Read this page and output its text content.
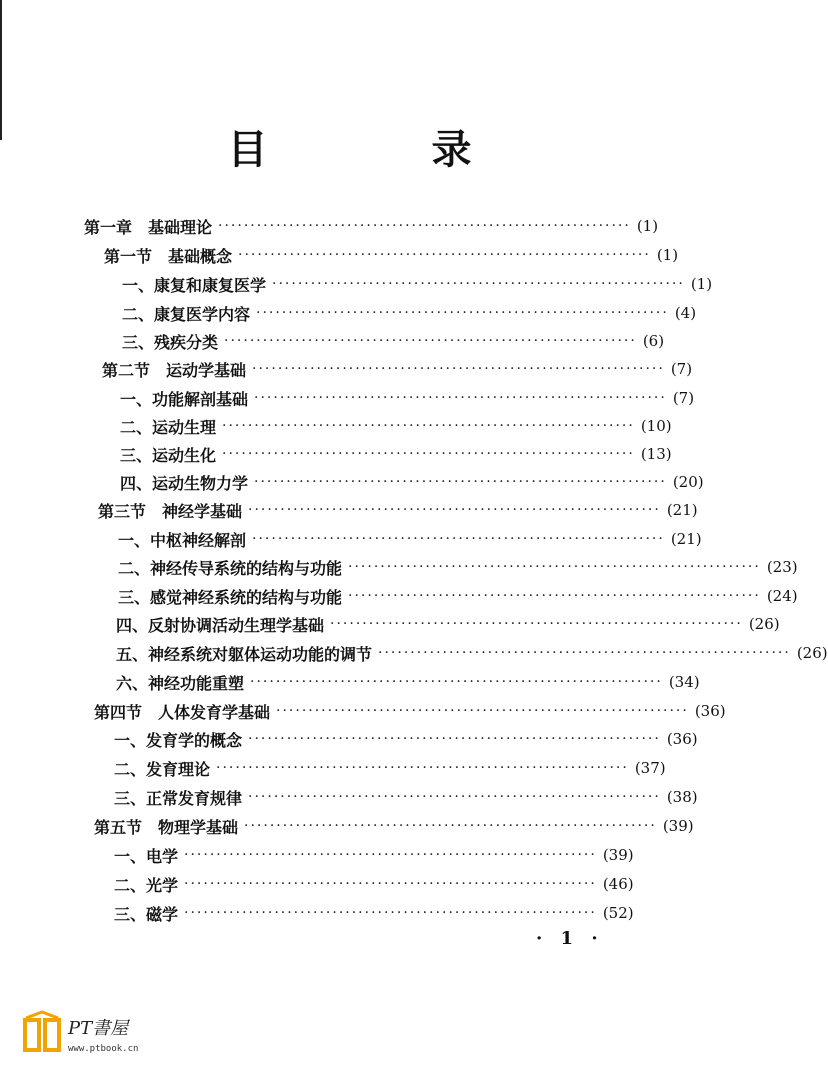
目　录
第一章　基础理论 ································································ (1)
第一节　基础概念 ································································ (1)
一、康复和康复医学 ································································ (1)
二、康复医学内容 ································································ (4)
三、残疾分类 ································································ (6)
第二节　运动学基础 ································································ (7)
一、功能解剖基础 ································································ (7)
二、运动生理 ································································ (10)
三、运动生化 ································································ (13)
四、运动生物力学 ································································ (20)
第三节　神经学基础 ································································ (21)
一、中枢神经解剖 ································································ (21)
二、神经传导系统的结构与功能 ································································ (23)
三、感觉神经系统的结构与功能 ································································ (24)
四、反射协调活动生理学基础 ································································ (26)
五、神经系统对躯体运动功能的调节 ································································ (26)
六、神经功能重塑 ································································ (34)
第四节　人体发育学基础 ································································ (36)
一、发育学的概念 ································································ (36)
二、发育理论 ································································ (37)
三、正常发育规律 ································································ (38)
第五节　物理学基础 ································································ (39)
一、电学 ································································ (39)
二、光学 ································································ (46)
三、磁学 ································································ (52)
· 1 ·
PT書屋
www.ptbook.cn
